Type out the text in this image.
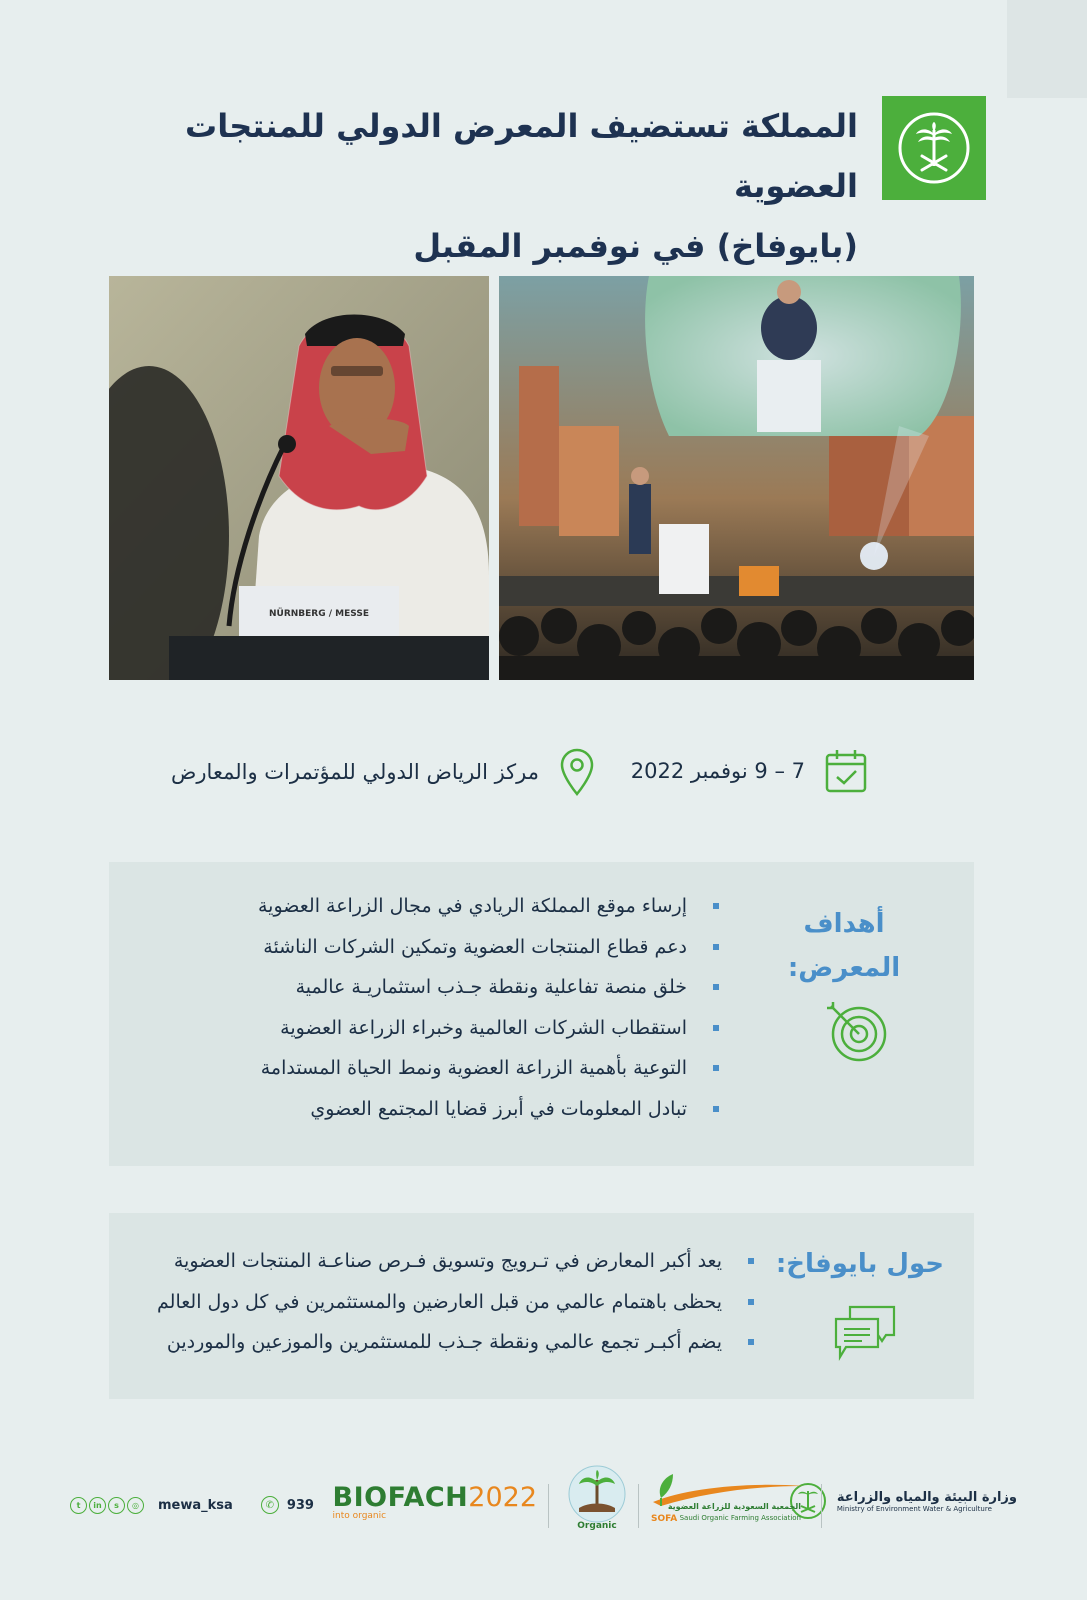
المملكة تستضيف المعرض الدولي للمنتجات العضوية
(بايوفاخ) في نوفمبر المقبل
NÜRNBERG / MESSE
7 – 9 نوفمبر 2022
مركز الرياض الدولي للمؤتمرات والمعارض
أهداف
المعرض:
إرساء موقع المملكة الريادي في مجال الزراعة العضوية
دعم قطاع المنتجات العضوية وتمكين الشركات الناشئة
خلق منصة تفاعلية ونقطة جـذب استثماريـة عالمية
استقطاب الشركات العالمية وخبراء الزراعة العضوية
التوعية بأهمية الزراعة العضوية ونمط الحياة المستدامة
تبادل المعلومات في أبرز قضايا المجتمع العضوي
حول بايوفاخ:
يعد أكبر المعارض في تـرويج وتسويق فـرص صناعـة المنتجات العضوية
يحظى باهتمام عالمي من قبل العارضين والمستثمرين في كل دول العالم
يضم أكبـر تجمع عالمي ونقطة جـذب للمستثمرين والموزعين والموردين
وزارة البيئة والمياه والزراعة
Ministry of Environment Water & Agriculture
الجمعية السعودية للزراعة العضوية
Saudi Organic Farming Association
SOFA
Organic
BIOFACH2022
into organic
t	in	s	◎	mewa_ksa	✆ 939
